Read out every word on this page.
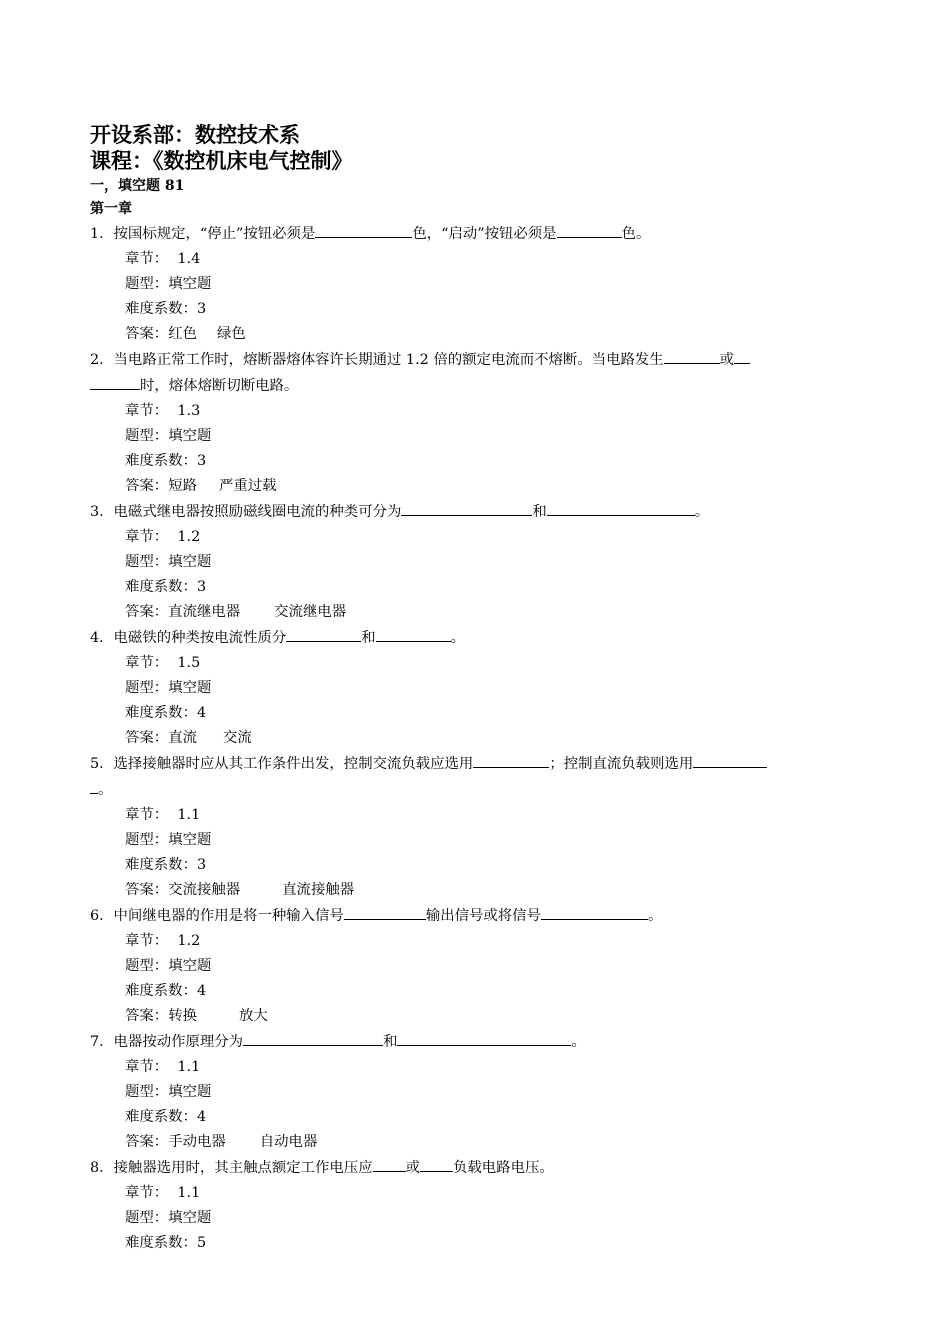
开设系部：数控技术系
课程：《数控机床电气控制》
一，填空题 81
第一章
1．按国标规定，“停止”按钮必须是	色，“启动”按钮必须是	色。
章节： 1.4
题型：填空题
难度系数：3
答案：红色 绿色
2．当电路正常工作时，熔断器熔体容许长期通过 1.2 倍的额定电流而不熔断。当电路发生	或
时，熔体熔断切断电路。
章节： 1.3
题型：填空题
难度系数：3
答案：短路 严重过载
3．电磁式继电器按照励磁线圈电流的种类可分为	和	。
章节： 1.2
题型：填空题
难度系数：3
答案：直流继电器 交流继电器
4．电磁铁的种类按电流性质分	和	。
章节： 1.5
题型：填空题
难度系数：4
答案：直流 交流
5．选择接触器时应从其工作条件出发，控制交流负载应选用	；控制直流负载则选用
。
章节： 1.1
题型：填空题
难度系数：3
答案：交流接触器	直流接触器
6．中间继电器的作用是将一种输入信号	输出信号或将信号	。
章节： 1.2
题型：填空题
难度系数：4
答案：转换	放大
7．电器按动作原理分为	和	。
章节： 1.1
题型：填空题
难度系数：4
答案：手动电器 自动电器
8．接触器选用时，其主触点额定工作电压应 或 负载电路电压。
章节： 1.1
题型：填空题
难度系数：5
